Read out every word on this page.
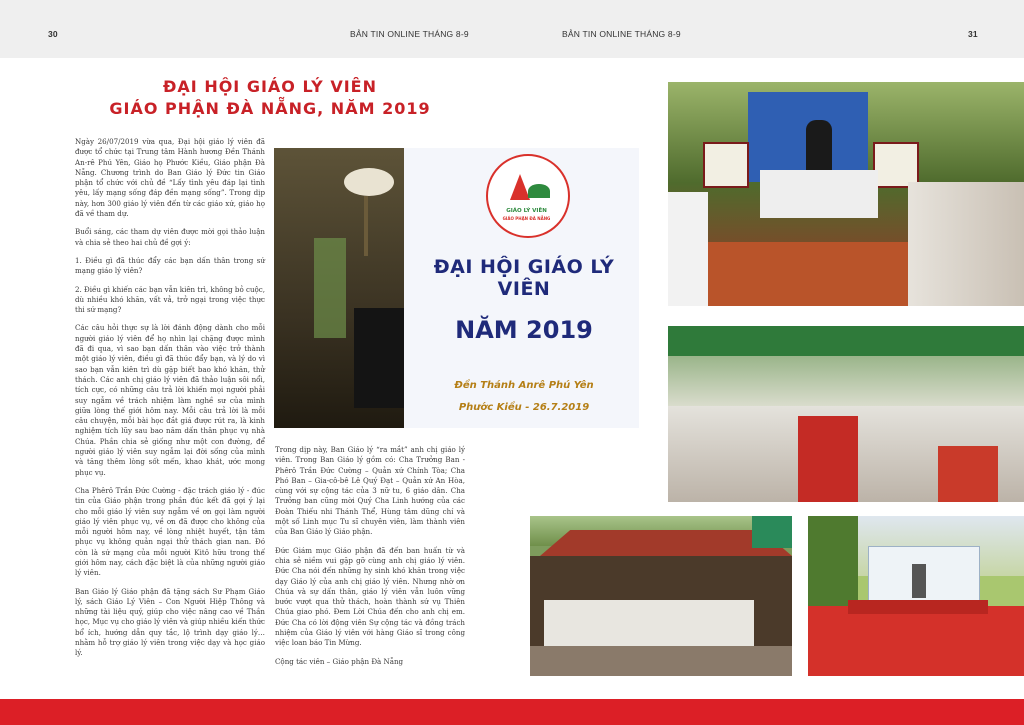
30	BẢN TIN ONLINE THÁNG 8-9	BẢN TIN ONLINE THÁNG 8-9	31
ĐẠI HỘI GIÁO LÝ VIÊN
GIÁO PHẬN ĐÀ NẴNG, NĂM 2019

Ngày 26/07/2019 vừa qua, Đại hội giáo lý viên đã được tổ chức tại Trung tâm Hành hương Đền Thánh An-rê Phú Yên, Giáo họ Phước Kiều, Giáo phận Đà Nẵng. Chương trình do Ban Giáo lý Đức tin Giáo phận tổ chức với chủ đề “Lấy tình yêu đáp lại tình yêu, lấy mạng sống đáp đền mạng sống”. Trong dịp này, hơn 300 giáo lý viên đến từ các giáo xứ, giáo họ đã về tham dự.

Buổi sáng, các tham dự viên được mời gọi thảo luận và chia sẻ theo hai chủ đề gợi ý:

1. Điều gì đã thúc đẩy các bạn dấn thân trong sứ mạng giáo lý viên?

2. Điều gì khiến các bạn vẫn kiên trì, không bỏ cuộc, dù nhiều khó khăn, vất vả, trở ngại trong việc thực thi sứ mạng?

Các câu hỏi thực sự là lời đánh động dành cho mỗi người giáo lý viên để họ nhìn lại chặng được mình đã đi qua, vì sao bạn dấn thân vào việc trở thành một giáo lý viên, điều gì đã thúc đẩy bạn, và lý do vì sao bạn vẫn kiên trì dù gặp biết bao khó khăn, thử thách. Các anh chị giáo lý viên đã thảo luận sôi nổi, tích cực, có những câu trả lời khiến mọi người phải suy ngẫm về trách nhiệm làm nghề sư của mình giữa lòng thế giới hôm nay. Mỗi câu trả lời là mỗi câu chuyện, mỗi bài học đắt giá được rút ra, là kinh nghiệm tích lũy sau bao năm dấn thân phục vụ nhà Chúa. Phần chia sẻ giống như một con đường, để người giáo lý viên suy ngẫm lại đời sống của mình và tăng thêm lòng sốt mến, khao khát, ước mong phục vụ.

Cha Phêrô Trần Đức Cường - đặc trách giáo lý - đúc tin của Giáo phận trong phần đúc kết đã gợi ý lại cho mỗi giáo lý viên suy ngẫm về ơn gọi làm người giáo lý viên phục vụ, về ơn đã được cho không của mỗi người hôm nay, về lòng nhiệt huyết, tận tâm phục vụ không quản ngại thử thách gian nan. Đó còn là sứ mạng của mỗi người Kitô hữu trong thế giới hôm nay, cách đặc biệt là của những người giáo lý viên.

Ban Giáo lý Giáo phận đã tặng sách Sư Phạm Giáo lý, sách Giáo Lý Viên – Con Người Hiệp Thông và những tài liệu quý, giúp cho việc nâng cao về Thần học, Mục vụ cho giáo lý viên và giúp nhiều kiến thức bổ ích, hướng dẫn quy tắc, lộ trình dạy giáo lý… nhằm hỗ trợ giáo lý viên trong việc dạy và học giáo lý.

Trong dịp này, Ban Giáo lý “ra mắt” anh chị giáo lý viên. Trong Ban Giáo lý gồm có: Cha Trưởng Ban - Phêrô Trần Đức Cường – Quản xứ Chính Tòa; Cha Phó Ban – Gia-cô-bê Lê Quý Đạt – Quản xứ An Hòa, cùng với sự cộng tác của 3 nữ tu, 6 giáo dân. Cha Trưởng ban cũng mời Quý Cha Linh hướng của các Đoàn Thiếu nhi Thánh Thể, Hùng tâm dũng chí và một số Linh mục Tu sĩ chuyên viên, làm thành viên của Ban Giáo lý Giáo phận.

Đức Giám mục Giáo phận đã đến ban huấn từ và chia sẻ niềm vui gặp gỡ cùng anh chị giáo lý viên. Đức Cha nói đến những hy sinh khó khăn trong việc dạy Giáo lý của anh chị giáo lý viên. Nhưng nhờ ơn Chúa và sự dấn thân, giáo lý viên vẫn luôn vững bước vượt qua thử thách, hoàn thành sứ vụ Thiên Chúa giao phó. Đem Lời Chúa đến cho anh chị em. Đức Cha có lời động viên Sự cộng tác và đồng trách nhiệm của Giáo lý viên với hàng Giáo sĩ trong công việc loan báo Tin Mừng.

Cộng tác viên – Giáo phận Đà Nẵng

GIÁO LÝ VIÊN
GIÁO PHẬN ĐÀ NẴNG
ĐẠI HỘI GIÁO LÝ VIÊN
NĂM 2019
Đền Thánh Anrê Phú Yên
Phước Kiều - 26.7.2019
